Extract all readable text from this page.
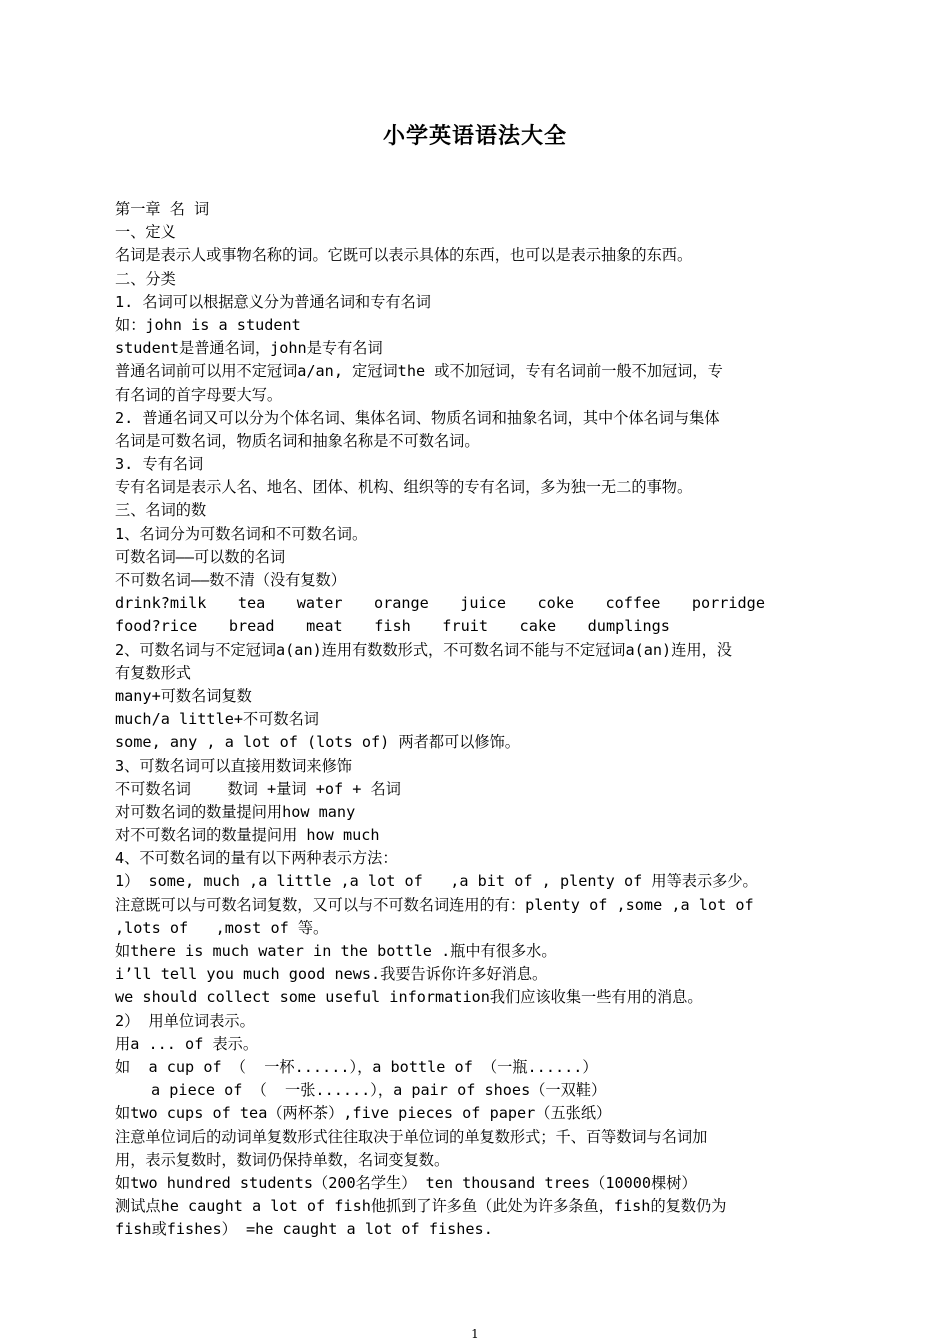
小学英语语法大全
第一章 名 词
一、定义
名词是表示人或事物名称的词。它既可以表示具体的东西，也可以是表示抽象的东西。
二、分类
1. 名词可以根据意义分为普通名词和专有名词
如：john is a student
student是普通名词，john是专有名词
普通名词前可以用不定冠词a/an, 定冠词the 或不加冠词，专有名词前一般不加冠词，专
有名词的首字母要大写。
2. 普通名词又可以分为个体名词、集体名词、物质名词和抽象名词，其中个体名词与集体
名词是可数名词，物质名词和抽象名称是不可数名词。
3. 专有名词
专有名词是表示人名、地名、团体、机构、组织等的专有名词，多为独一无二的事物。
三、名词的数
1、名词分为可数名词和不可数名词。
可数名词——可以数的名词
不可数名词——数不清（没有复数）
drink?milk tea water orange juice coke coffee porridge
food?rice bread meat fish fruit cake dumplings
2、可数名词与不定冠词a(an)连用有数数形式，不可数名词不能与不定冠词a(an)连用，没
有复数形式
many+可数名词复数
much/a little+不可数名词
some, any , a lot of (lots of) 两者都可以修饰。
3、可数名词可以直接用数词来修饰
不可数名词    数词 +量词 +of + 名词
对可数名词的数量提问用how many
对不可数名词的数量提问用 how much
4、不可数名词的量有以下两种表示方法：
1） some, much ,a little ,a lot of   ,a bit of , plenty of 用等表示多少。
注意既可以与可数名词复数，又可以与不可数名词连用的有：plenty of ,some ,a lot of
,lots of   ,most of 等。
如there is much water in the bottle .瓶中有很多水。
i’ll tell you much good news.我要告诉你许多好消息。
we should collect some useful information我们应该收集一些有用的消息。
2） 用单位词表示。
用a ... of 表示。
如  a cup of （  一杯......），a bottle of （一瓶......）
a piece of （  一张......），a pair of shoes（一双鞋）
如two cups of tea（两杯茶）,five pieces of paper（五张纸）
注意单位词后的动词单复数形式往往取决于单位词的单复数形式；千、百等数词与名词加
用，表示复数时，数词仍保持单数，名词变复数。
如two hundred students（200名学生） ten thousand trees（10000棵树）
测试点he caught a lot of fish他抓到了许多鱼（此处为许多条鱼，fish的复数仍为
fish或fishes） =he caught a lot of fishes.
1
